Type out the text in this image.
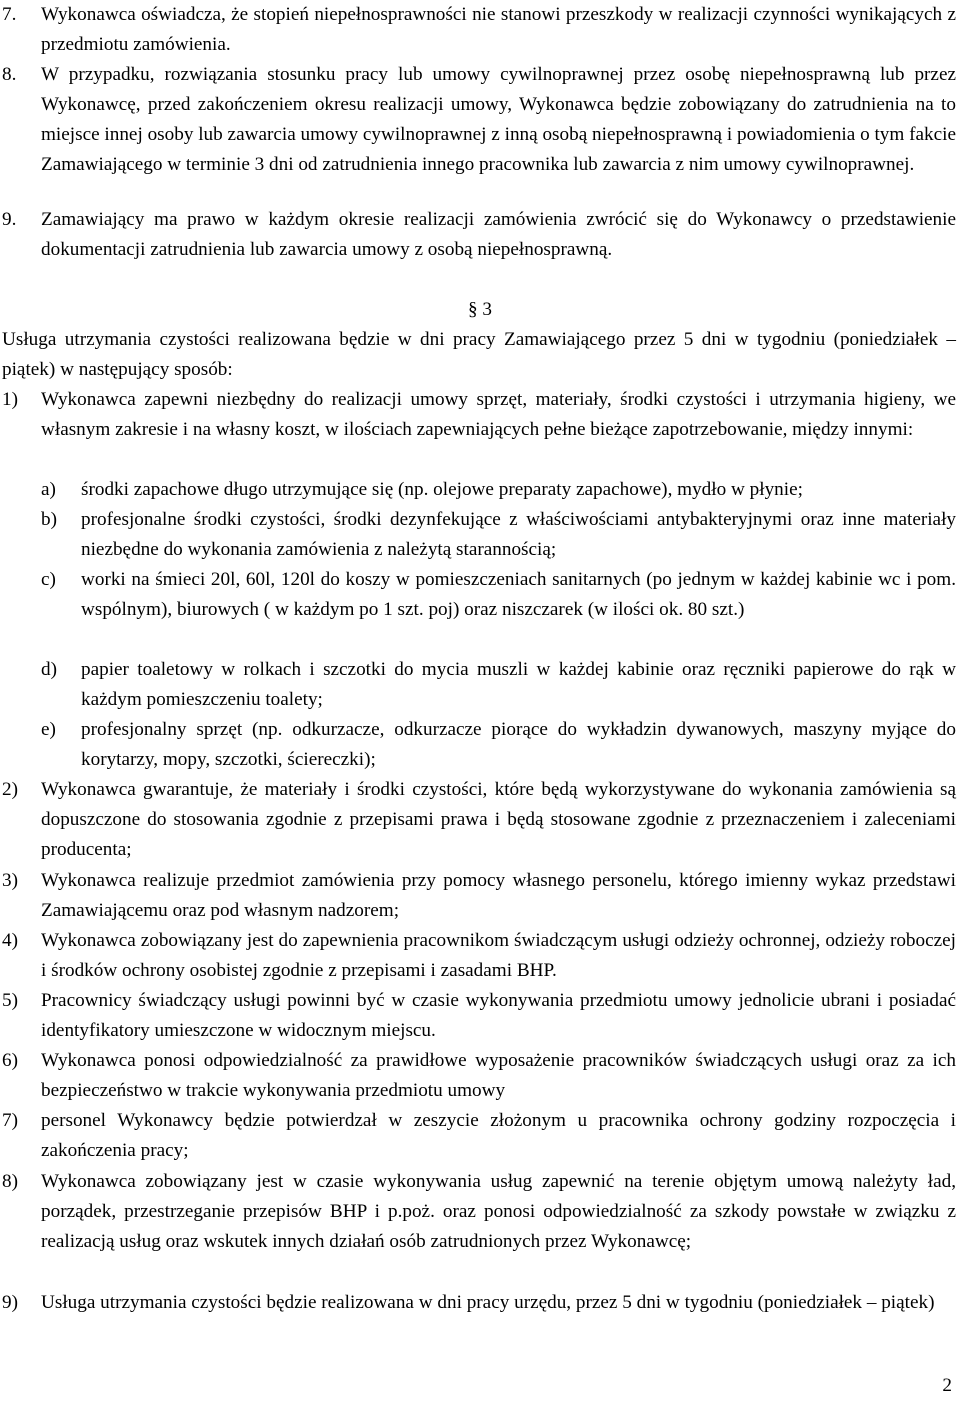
7. Wykonawca oświadcza, że stopień niepełnosprawności nie stanowi przeszkody w realizacji czynności wynikających z przedmiotu zamówienia.
8. W przypadku, rozwiązania stosunku pracy lub umowy cywilnoprawnej przez osobę niepełnosprawną lub przez Wykonawcę, przed zakończeniem okresu realizacji umowy, Wykonawca będzie zobowiązany do zatrudnienia na to miejsce innej osoby lub zawarcia umowy cywilnoprawnej z inną osobą niepełnosprawną i powiadomienia o tym fakcie Zamawiającego w terminie 3 dni od zatrudnienia innego pracownika lub zawarcia z nim umowy cywilnoprawnej.
9. Zamawiający ma prawo w każdym okresie realizacji zamówienia zwrócić się do Wykonawcy o przedstawienie dokumentacji zatrudnienia lub zawarcia umowy z osobą niepełnosprawną.
§ 3
Usługa utrzymania czystości realizowana będzie w dni pracy Zamawiającego przez 5 dni w tygodniu (poniedziałek – piątek) w następujący sposób:
1) Wykonawca zapewni niezbędny do realizacji umowy sprzęt, materiały, środki czystości i utrzymania higieny, we własnym zakresie i na własny koszt, w ilościach zapewniających pełne bieżące zapotrzebowanie, między innymi:
a) środki zapachowe długo utrzymujące się (np. olejowe preparaty zapachowe), mydło w płynie;
b) profesjonalne środki czystości, środki dezynfekujące z właściwościami antybakteryjnymi oraz inne materiały niezbędne do wykonania zamówienia z należytą starannością;
c) worki na śmieci 20l, 60l, 120l do koszy w pomieszczeniach sanitarnych (po jednym w każdej kabinie wc i pom. wspólnym), biurowych ( w każdym po 1 szt. poj) oraz niszczarek (w ilości ok. 80 szt.)
d) papier toaletowy w rolkach i szczotki do mycia muszli w każdej kabinie oraz ręczniki papierowe do rąk w każdym pomieszczeniu toalety;
e) profesjonalny sprzęt (np. odkurzacze, odkurzacze piorące do wykładzin dywanowych, maszyny myjące do korytarzy, mopy, szczotki, ściereczki);
2) Wykonawca gwarantuje, że materiały i środki czystości, które będą wykorzystywane do wykonania zamówienia są dopuszczone do stosowania zgodnie z przepisami prawa i będą stosowane zgodnie z przeznaczeniem i zaleceniami producenta;
3) Wykonawca realizuje przedmiot zamówienia przy pomocy własnego personelu, którego imienny wykaz przedstawi Zamawiającemu oraz pod własnym nadzorem;
4) Wykonawca zobowiązany jest do zapewnienia pracownikom świadczącym usługi odzieży ochronnej, odzieży roboczej i środków ochrony osobistej zgodnie z przepisami i zasadami BHP.
5) Pracownicy świadczący usługi powinni być w czasie wykonywania przedmiotu umowy jednolicie ubrani i posiadać identyfikatory umieszczone w widocznym miejscu.
6) Wykonawca ponosi odpowiedzialność za prawidłowe wyposażenie pracowników świadczących usługi oraz za ich bezpieczeństwo w trakcie wykonywania przedmiotu umowy
7) personel Wykonawcy będzie potwierdzał w zeszycie złożonym u pracownika ochrony godziny rozpoczęcia i zakończenia pracy;
8) Wykonawca zobowiązany jest w czasie wykonywania usług zapewnić na terenie objętym umową należyty ład, porządek, przestrzeganie przepisów BHP i p.poż. oraz ponosi odpowiedzialność za szkody powstałe w związku z realizacją usług oraz wskutek innych działań osób zatrudnionych przez Wykonawcę;
9) Usługa utrzymania czystości będzie realizowana w dni pracy urzędu, przez 5 dni w tygodniu (poniedziałek – piątek)
2
